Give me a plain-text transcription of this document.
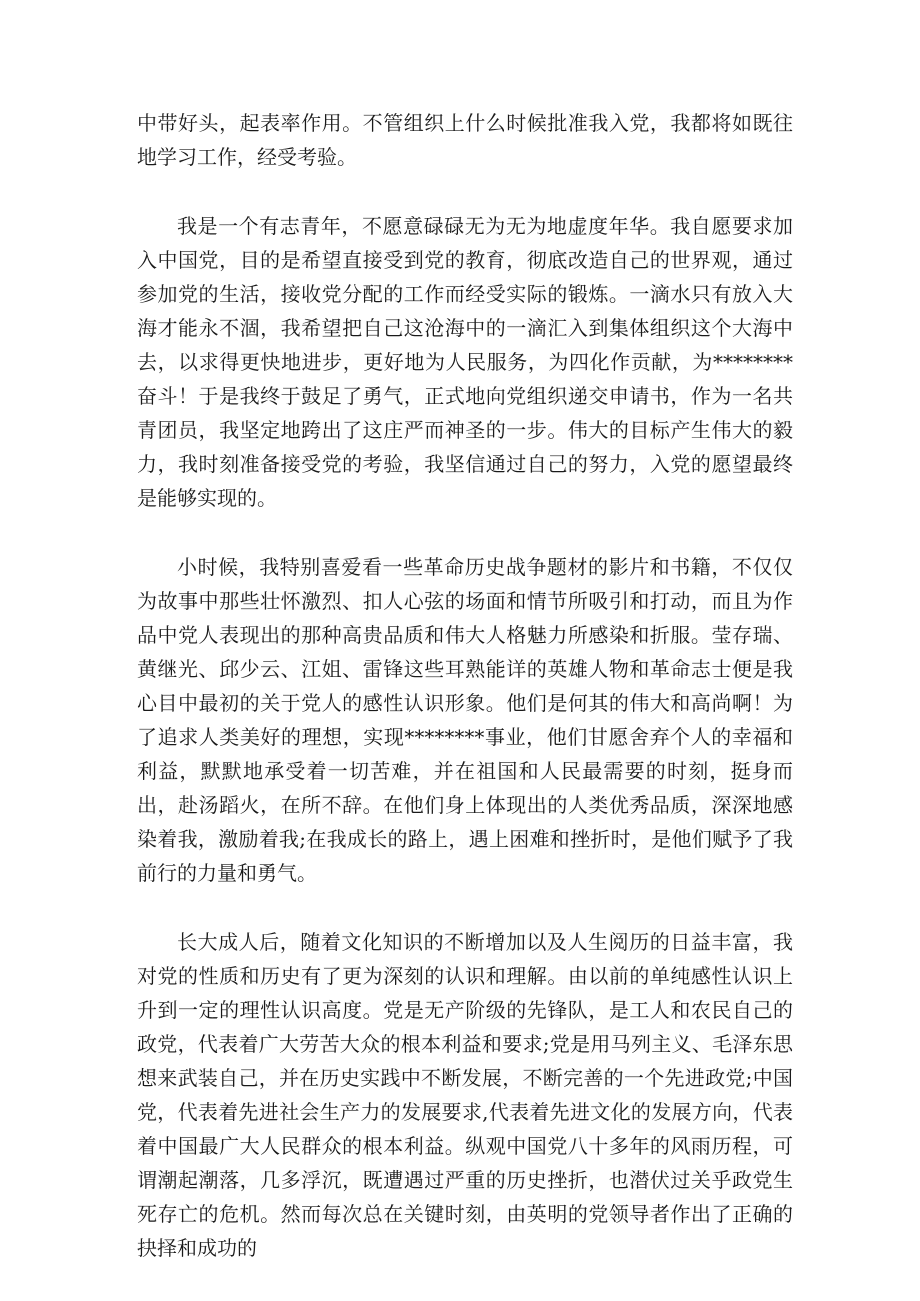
中带好头，起表率作用。不管组织上什么时候批准我入党，我都将如既往地学习工作，经受考验。

我是一个有志青年，不愿意碌碌无为无为地虚度年华。我自愿要求加入中国党，目的是希望直接受到党的教育，彻底改造自己的世界观，通过参加党的生活，接收党分配的工作而经受实际的锻炼。一滴水只有放入大海才能永不涸，我希望把自己这沧海中的一滴汇入到集体组织这个大海中去，以求得更快地进步，更好地为人民服务，为四化作贡献，为********奋斗！于是我终于鼓足了勇气，正式地向党组织递交申请书，作为一名共青团员，我坚定地跨出了这庄严而神圣的一步。伟大的目标产生伟大的毅力，我时刻准备接受党的考验，我坚信通过自己的努力，入党的愿望最终是能够实现的。

小时候，我特别喜爱看一些革命历史战争题材的影片和书籍，不仅仅为故事中那些壮怀激烈、扣人心弦的场面和情节所吸引和打动，而且为作品中党人表现出的那种高贵品质和伟大人格魅力所感染和折服。莹存瑞、黄继光、邱少云、江姐、雷锋这些耳熟能详的英雄人物和革命志士便是我心目中最初的关于党人的感性认识形象。他们是何其的伟大和高尚啊！为了追求人类美好的理想，实现********事业，他们甘愿舍弃个人的幸福和利益，默默地承受着一切苦难，并在祖国和人民最需要的时刻，挺身而出，赴汤蹈火，在所不辞。在他们身上体现出的人类优秀品质，深深地感染着我，激励着我;在我成长的路上，遇上困难和挫折时，是他们赋予了我前行的力量和勇气。

长大成人后，随着文化知识的不断增加以及人生阅历的日益丰富，我对党的性质和历史有了更为深刻的认识和理解。由以前的单纯感性认识上升到一定的理性认识高度。党是无产阶级的先锋队，是工人和农民自己的政党，代表着广大劳苦大众的根本利益和要求;党是用马列主义、毛泽东思想来武装自己，并在历史实践中不断发展，不断完善的一个先进政党;中国党，代表着先进社会生产力的发展要求,代表着先进文化的发展方向，代表着中国最广大人民群众的根本利益。纵观中国党八十多年的风雨历程，可谓潮起潮落，几多浮沉，既遭遇过严重的历史挫折，也潜伏过关乎政党生死存亡的危机。然而每次总在关键时刻，由英明的党领导者作出了正确的抉择和成功的
